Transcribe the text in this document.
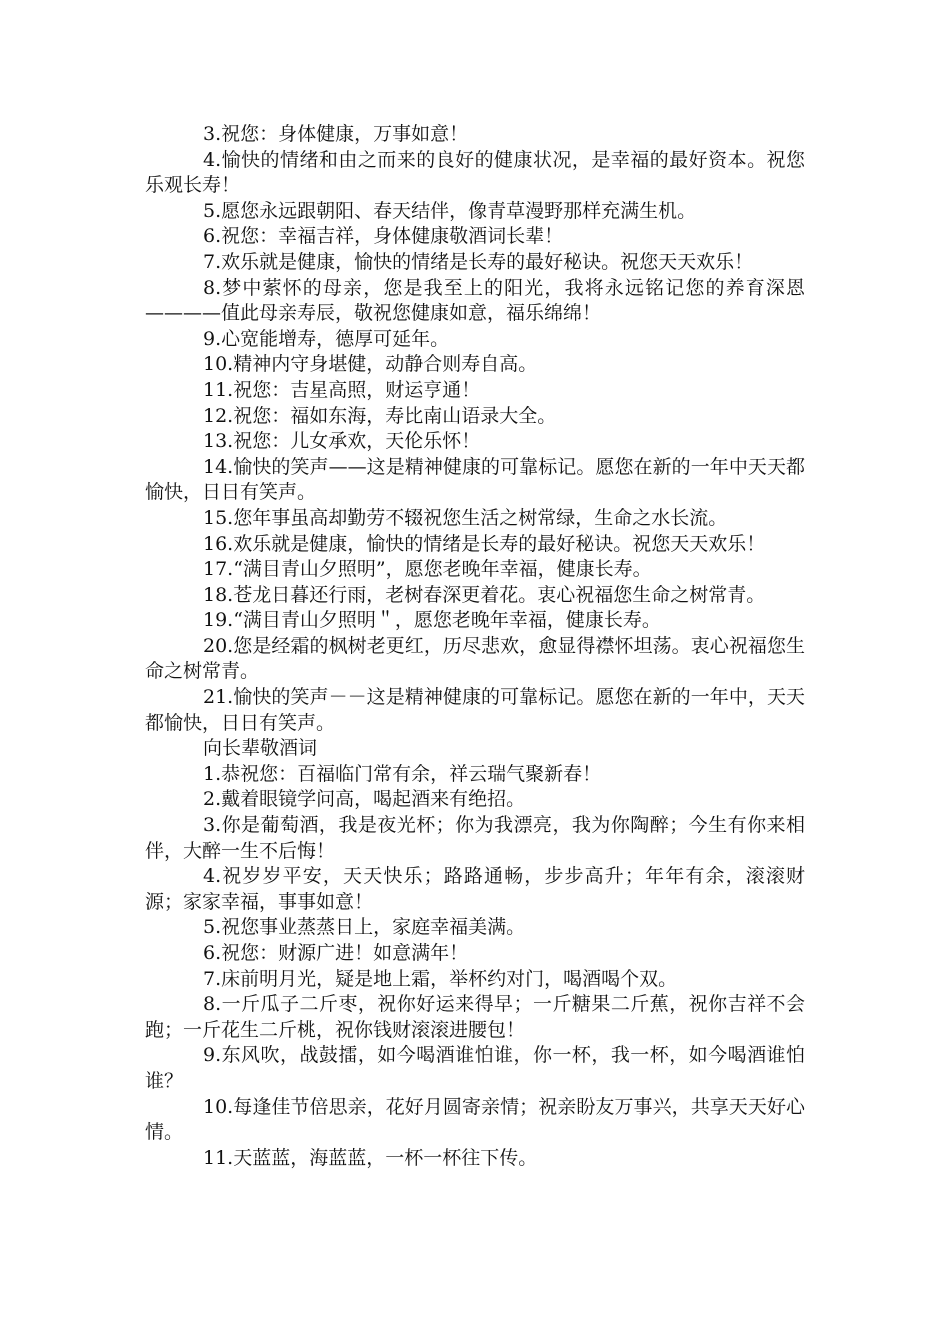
3.祝您：身体健康，万事如意！

4.愉快的情绪和由之而来的良好的健康状况，是幸福的最好资本。祝您乐观长寿！

5.愿您永远跟朝阳、春天结伴，像青草漫野那样充满生机。

6.祝您：幸福吉祥，身体健康敬酒词长辈！

7.欢乐就是健康，愉快的情绪是长寿的最好秘诀。祝您天天欢乐！

8.梦中萦怀的母亲，您是我至上的阳光，我将永远铭记您的养育深恩————值此母亲寿辰，敬祝您健康如意，福乐绵绵！

9.心宽能增寿，德厚可延年。

10.精神内守身堪健，动静合则寿自高。

11.祝您：吉星高照，财运亨通！

12.祝您：福如东海，寿比南山语录大全。

13.祝您：儿女承欢，天伦乐怀！

14.愉快的笑声——这是精神健康的可靠标记。愿您在新的一年中天天都愉快，日日有笑声。

15.您年事虽高却勤劳不辍祝您生活之树常绿，生命之水长流。

16.欢乐就是健康，愉快的情绪是长寿的最好秘诀。祝您天天欢乐！

17.“满目青山夕照明”，愿您老晚年幸福，健康长寿。

18.苍龙日暮还行雨，老树春深更着花。衷心祝福您生命之树常青。

19.“满目青山夕照明＂，愿您老晚年幸福，健康长寿。

20.您是经霜的枫树老更红，历尽悲欢，愈显得襟怀坦荡。衷心祝福您生命之树常青。

21.愉快的笑声－－这是精神健康的可靠标记。愿您在新的一年中，天天都愉快，日日有笑声。

向长辈敬酒词

1.恭祝您：百福临门常有余，祥云瑞气聚新春！

2.戴着眼镜学问高，喝起酒来有绝招。

3.你是葡萄酒，我是夜光杯；你为我漂亮，我为你陶醉；今生有你来相伴，大醉一生不后悔！

4.祝岁岁平安，天天快乐；路路通畅，步步高升；年年有余，滚滚财源；家家幸福，事事如意！

5.祝您事业蒸蒸日上，家庭幸福美满。

6.祝您：财源广进！如意满年！

7.床前明月光，疑是地上霜，举杯约对门，喝酒喝个双。

8.一斤瓜子二斤枣，祝你好运来得早；一斤糖果二斤蕉，祝你吉祥不会跑；一斤花生二斤桃，祝你钱财滚滚进腰包！

9.东风吹，战鼓擂，如今喝酒谁怕谁，你一杯，我一杯，如今喝酒谁怕谁？

10.每逢佳节倍思亲，花好月圆寄亲情；祝亲盼友万事兴，共享天天好心情。

11.天蓝蓝，海蓝蓝，一杯一杯往下传。
